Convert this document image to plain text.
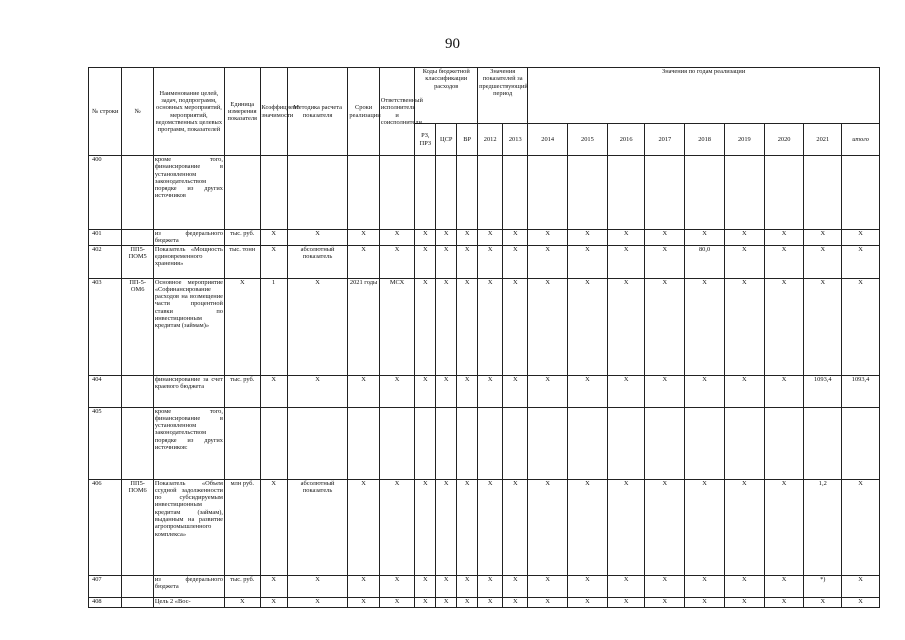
90
№ строки	№	Наименование целей, задач, подпрограмм, основных мероприятий, мероприятий, ведомственных целевых программ, показателей	Единица измерения показателя	Коэффициент значимости	Методика расчета показателя	Сроки реализации	Ответственный исполнитель и соисполнители	Коды бюджетной классификации расходов			Значения показателей за предшествующий период		Значения по годам реализации								
								РЗ, ПРЗ	ЦСР	ВР	2012	2013	2014	2015	2016	2017	2018	2019	2020	2021	итого
400		кроме того, финансирование в установленном законодательством порядке из других источников																			
401		из федерального бюджета	тыс. руб.	Х	Х	Х	Х	Х	Х	Х	Х	Х	Х	Х	Х	Х	Х	Х	Х	Х	Х
402	ПП5-ПОМ5	Показатель «Мощность единовременного хранения»	тыс. тонн	Х	абсолютный показатель	Х	Х	Х	Х	Х	Х	Х	Х	Х	Х	Х	80,0	Х	Х	Х	Х
403	ПП-5-ОМ6	Основное мероприятие «Софинансирование расходов на возмещение части процентной ставки по инвестиционным кредитам (займам)»	Х	1	Х	2021 годы	МСХ	Х	Х	Х	Х	Х	Х	Х	Х	Х	Х	Х	Х	Х	Х
404		финансирование за счет краевого бюджета	тыс. руб.	Х	Х	Х	Х	Х	Х	Х	Х	Х	Х	Х	Х	Х	Х	Х	Х	1093,4	1093,4
405		кроме того, финансирование в установленном законодательством порядке из других источников:																			
406	ПП5-ПОМ6	Показатель «Объем ссудной задолженности по субсидируемым инвестиционным кредитам (займам), выданным на развитие агропромышленного комплекса»	млн руб.	Х	абсолютный показатель	Х	Х	Х	Х	Х	Х	Х	Х	Х	Х	Х	Х	Х	Х	1,2	Х
407		из федерального бюджета	тыс. руб.	Х	Х	Х	Х	Х	Х	Х	Х	Х	Х	Х	Х	Х	Х	Х	Х	*)	Х
408		Цель 2 «Вос-	Х	Х	Х	Х	Х	Х	Х	Х	Х	Х	Х	Х	Х	Х	Х	Х	Х	Х	Х
